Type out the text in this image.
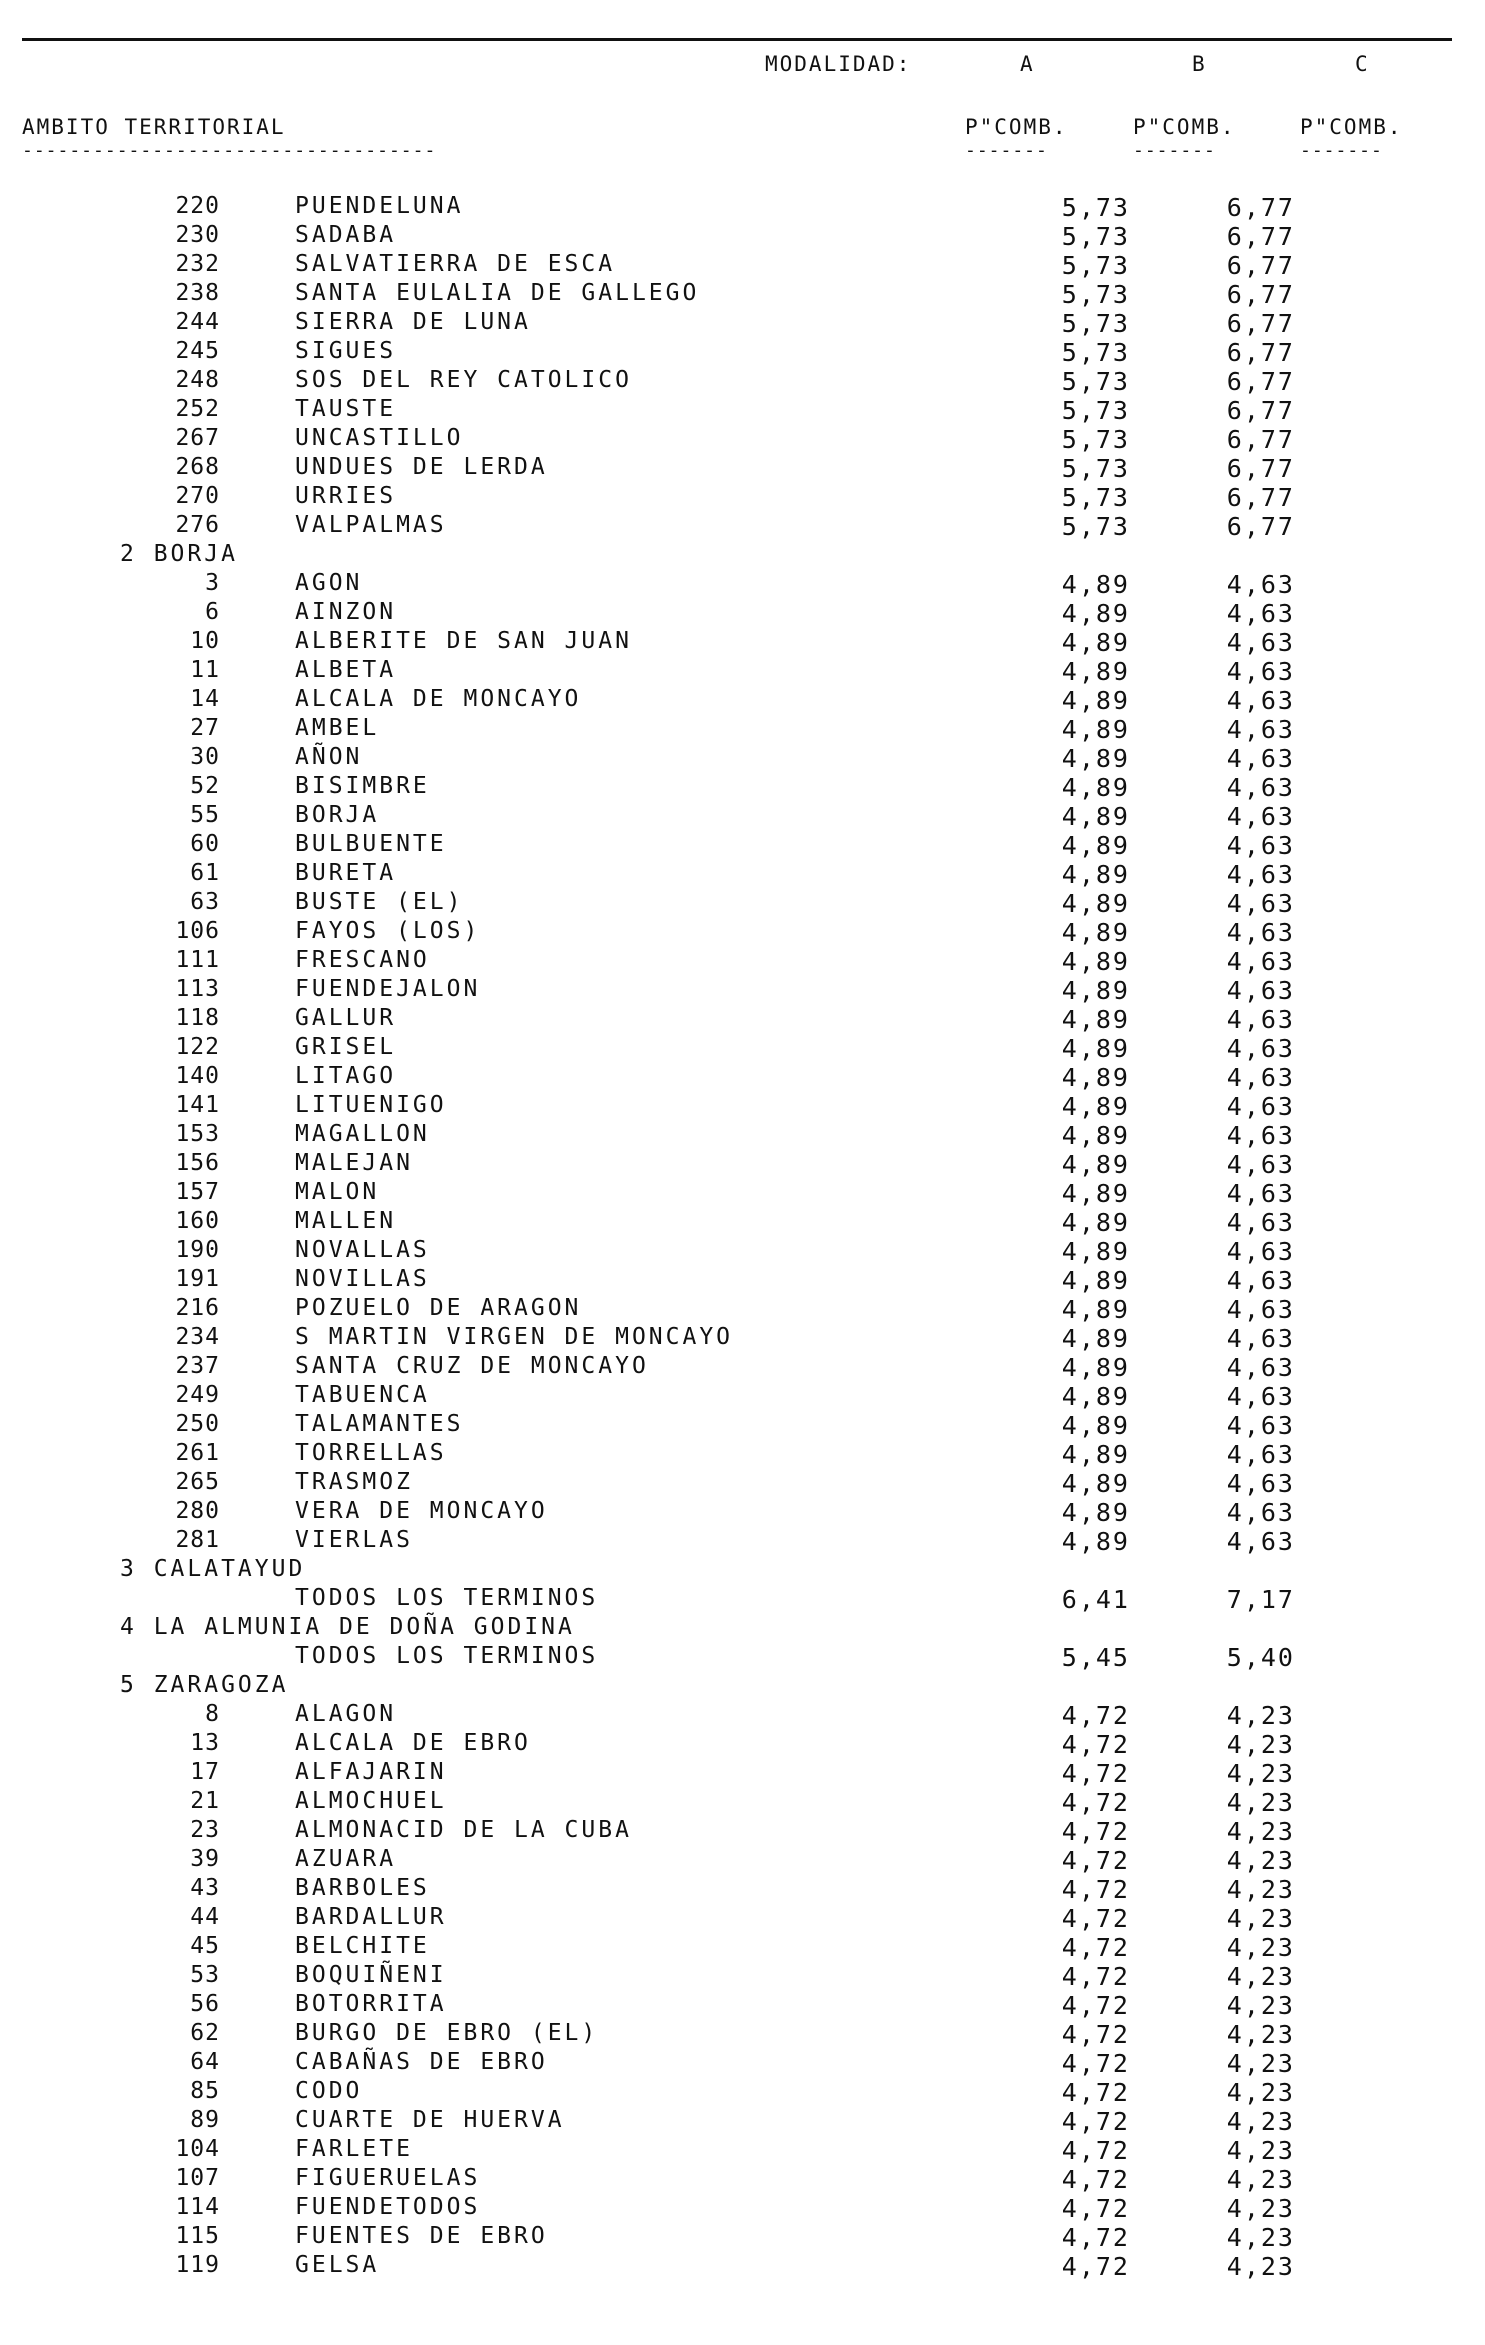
MODALIDAD:	A	B	C
AMBITO TERRITORIAL
-----------------------------------
P"COMB.	P"COMB.	P"COMB.
-------	-------	-------
220	PUENDELUNA	5,73	6,77
230	SADABA	5,73	6,77
232	SALVATIERRA DE ESCA	5,73	6,77
238	SANTA EULALIA DE GALLEGO	5,73	6,77
244	SIERRA DE LUNA	5,73	6,77
245	SIGUES	5,73	6,77
248	SOS DEL REY CATOLICO	5,73	6,77
252	TAUSTE	5,73	6,77
267	UNCASTILLO	5,73	6,77
268	UNDUES DE LERDA	5,73	6,77
270	URRIES	5,73	6,77
276	VALPALMAS	5,73	6,77
2 BORJA
3	AGON	4,89	4,63
6	AINZON	4,89	4,63
10	ALBERITE DE SAN JUAN	4,89	4,63
11	ALBETA	4,89	4,63
14	ALCALA DE MONCAYO	4,89	4,63
27	AMBEL	4,89	4,63
30	AÑON	4,89	4,63
52	BISIMBRE	4,89	4,63
55	BORJA	4,89	4,63
60	BULBUENTE	4,89	4,63
61	BURETA	4,89	4,63
63	BUSTE (EL)	4,89	4,63
106	FAYOS (LOS)	4,89	4,63
111	FRESCANO	4,89	4,63
113	FUENDEJALON	4,89	4,63
118	GALLUR	4,89	4,63
122	GRISEL	4,89	4,63
140	LITAGO	4,89	4,63
141	LITUENIGO	4,89	4,63
153	MAGALLON	4,89	4,63
156	MALEJAN	4,89	4,63
157	MALON	4,89	4,63
160	MALLEN	4,89	4,63
190	NOVALLAS	4,89	4,63
191	NOVILLAS	4,89	4,63
216	POZUELO DE ARAGON	4,89	4,63
234	S MARTIN VIRGEN DE MONCAYO	4,89	4,63
237	SANTA CRUZ DE MONCAYO	4,89	4,63
249	TABUENCA	4,89	4,63
250	TALAMANTES	4,89	4,63
261	TORRELLAS	4,89	4,63
265	TRASMOZ	4,89	4,63
280	VERA DE MONCAYO	4,89	4,63
281	VIERLAS	4,89	4,63
3 CALATAYUD
TODOS LOS TERMINOS	6,41	7,17
4 LA ALMUNIA DE DOÑA GODINA
TODOS LOS TERMINOS	5,45	5,40
5 ZARAGOZA
8	ALAGON	4,72	4,23
13	ALCALA DE EBRO	4,72	4,23
17	ALFAJARIN	4,72	4,23
21	ALMOCHUEL	4,72	4,23
23	ALMONACID DE LA CUBA	4,72	4,23
39	AZUARA	4,72	4,23
43	BARBOLES	4,72	4,23
44	BARDALLUR	4,72	4,23
45	BELCHITE	4,72	4,23
53	BOQUIÑENI	4,72	4,23
56	BOTORRITA	4,72	4,23
62	BURGO DE EBRO (EL)	4,72	4,23
64	CABAÑAS DE EBRO	4,72	4,23
85	CODO	4,72	4,23
89	CUARTE DE HUERVA	4,72	4,23
104	FARLETE	4,72	4,23
107	FIGUERUELAS	4,72	4,23
114	FUENDETODOS	4,72	4,23
115	FUENTES DE EBRO	4,72	4,23
119	GELSA	4,72	4,23
